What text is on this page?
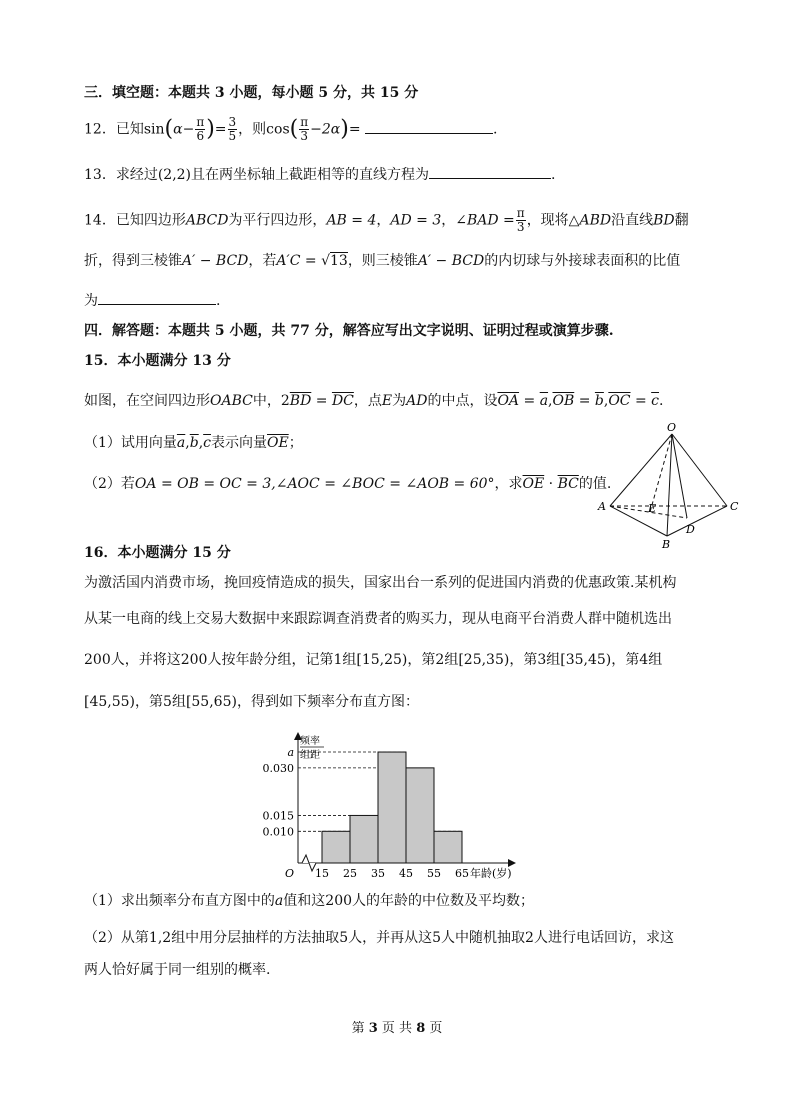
三．填空题：本题共 3 小题，每小题 5 分，共 15 分
12．已知$\sin(\alpha- \frac{\pi}{6}$ )= $\frac{3}{5}$ ，则$\cos( \frac{\pi}{3} -2\alpha)=$	.
13．求经过(2,2)且在两坐标轴上截距相等的直线方程为	.
14．已知四边形ABCD为平行四边形，AB = 4，AD = 3，∠BAD = $\frac{\pi}{3}$ ，现将△ABD沿直线BD翻
折，得到三棱锥A′ − BCD，若A′C = √13，则三棱锥A′ − BCD的内切球与外接球表面积的比值
为	.
四．解答题：本题共 5 小题，共 77 分，解答应写出文字说明、证明过程或演算步骤.
15．本小题满分 13 分
如图，在空间四边形OABC中，$2\overline{BD} = \overline{DC}$，点E为AD的中点，设$\overline{OA} = \overline{a},\overline{OB} = \overline{b},\overline{OC} = \overline{c}$.
（1）试用向量$\overline{a},\overline{b},\overline{c}$表示向量$\overline{OE}$；
（2）若OA = OB = OC = 3,∠AOC = ∠BOC = ∠AOB = 60°，求$\overline{OE} \cdot \overline{BC}$的值.
O
A	C
B
D
E
16．本小题满分 15 分
为激活国内消费市场，挽回疫情造成的损失，国家出台一系列的促进国内消费的优惠政策.某机构
从某一电商的线上交易大数据中来跟踪调查消费者的购买力，现从电商平台消费人群中随机选出
200人，并将这200人按年龄分组，记第1组[15,25)，第2组[25,35)，第3组[35,45)，第4组
[45,55)，第5组[55,65)，得到如下频率分布直方图：
0.010
0.015
0.030
a
15 25 35 45 55 65
O	年龄(岁)
频率
组距
（1）求出频率分布直方图中的a值和这200人的年龄的中位数及平均数；
（2）从第1,2组中用分层抽样的方法抽取5人，并再从这5人中随机抽取2人进行电话回访，求这
两人恰好属于同一组别的概率.
第 3 页 共 8 页
